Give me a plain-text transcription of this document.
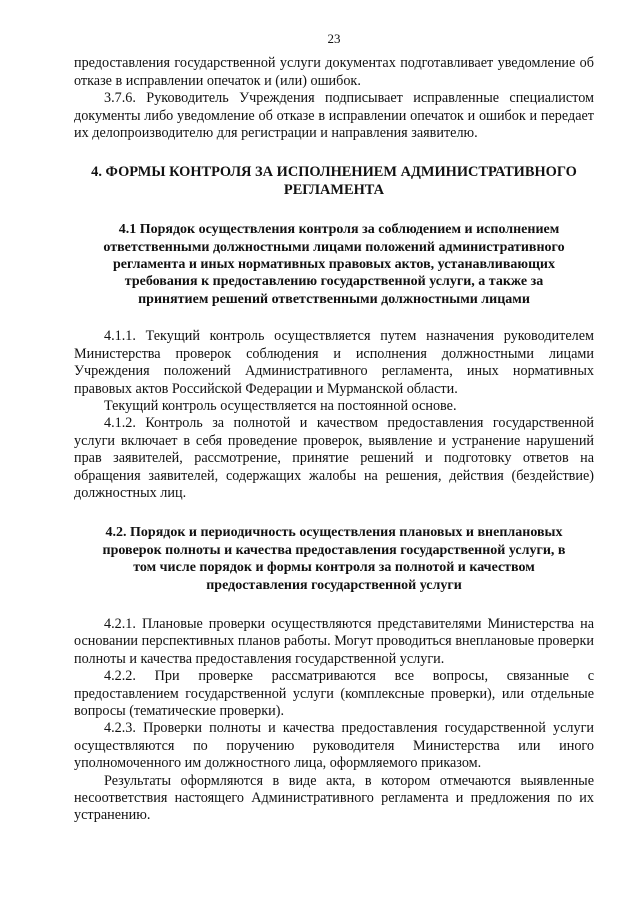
23

предоставления государственной услуги документах подготавливает уведомление об отказе в исправлении опечаток и (или) ошибок.

3.7.6. Руководитель Учреждения подписывает исправленные специалистом документы либо уведомление об отказе в исправлении опечаток и ошибок и передает их делопроизводителю для регистрации и направления заявителю.

4. ФОРМЫ КОНТРОЛЯ ЗА ИСПОЛНЕНИЕМ АДМИНИСТРАТИВНОГО РЕГЛАМЕНТА
4.1 Порядок осуществления контроля за соблюдением и исполнением ответственными должностными лицами положений административного регламента и иных нормативных правовых актов, устанавливающих требования к предоставлению государственной услуги, а также за принятием решений ответственными должностными лицами

4.1.1. Текущий контроль осуществляется путем назначения руководителем Министерства проверок соблюдения и исполнения должностными лицами Учреждения положений Административного регламента, иных нормативных правовых актов Российской Федерации и Мурманской области.

Текущий контроль осуществляется на постоянной основе.

4.1.2. Контроль за полнотой и качеством предоставления государственной услуги включает в себя проведение проверок, выявление и устранение нарушений прав заявителей, рассмотрение, принятие решений и подготовку ответов на обращения заявителей, содержащих жалобы на решения, действия (бездействие) должностных лиц.

4.2. Порядок и периодичность осуществления плановых и внеплановых проверок полноты и качества предоставления государственной услуги, в том числе порядок и формы контроля за полнотой и качеством предоставления государственной услуги

4.2.1. Плановые проверки осуществляются представителями Министерства на основании перспективных планов работы. Могут проводиться внеплановые проверки полноты и качества предоставления государственной услуги.

4.2.2. При проверке рассматриваются все вопросы, связанные с предоставлением государственной услуги (комплексные проверки), или отдельные вопросы (тематические проверки).

4.2.3. Проверки полноты и качества предоставления государственной услуги осуществляются по поручению руководителя Министерства или иного уполномоченного им должностного лица, оформляемого приказом.

Результаты оформляются в виде акта, в котором отмечаются выявленные несоответствия настоящего Административного регламента и предложения по их устранению.
